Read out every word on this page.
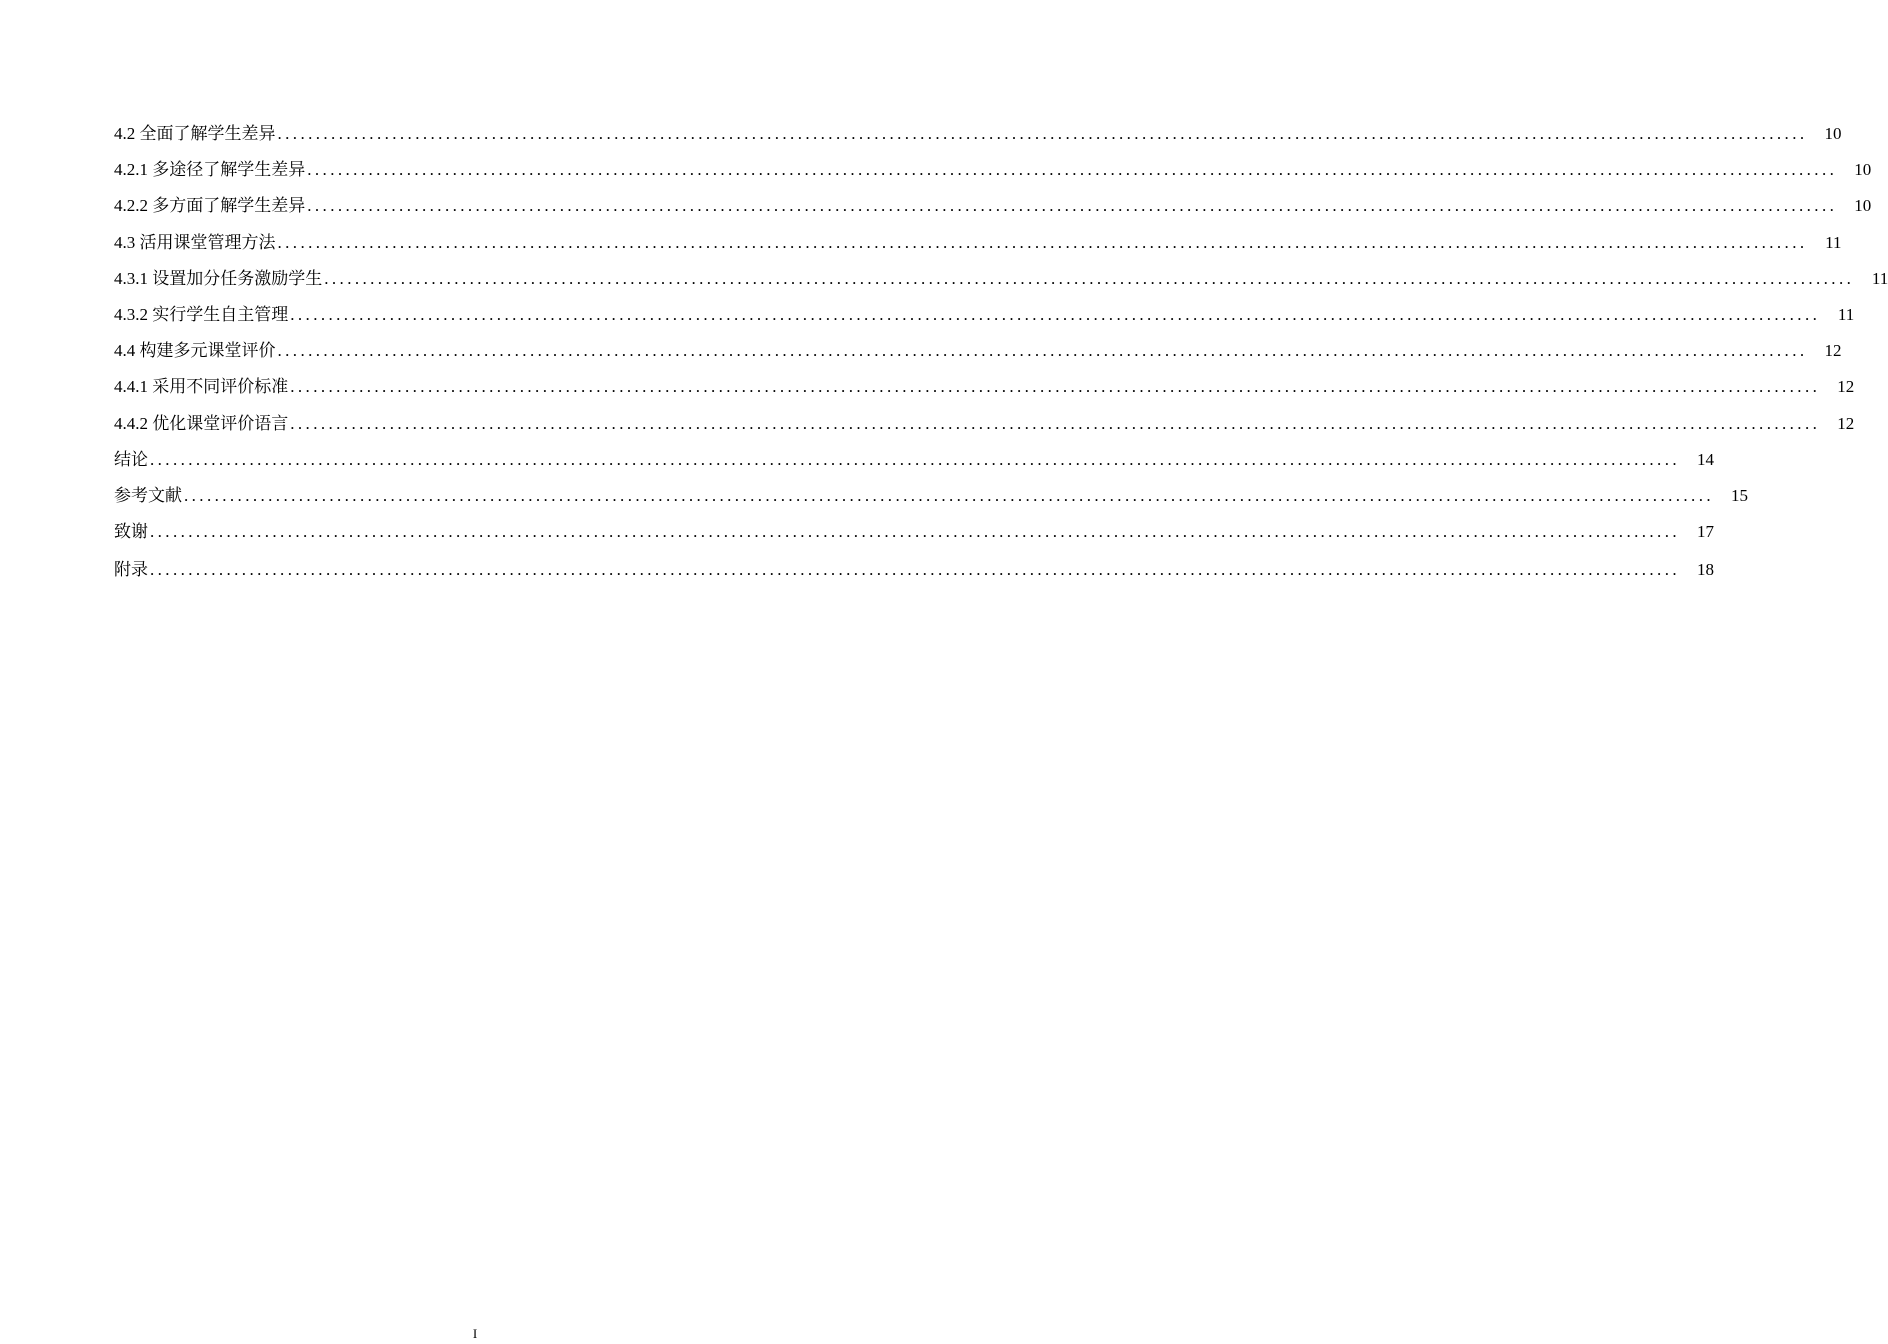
4.2 全面了解学生差异 ........................................................................................................................................................................................................	10
4.2.1 多途径了解学生差异 ........................................................................................................................................................................................................	10
4.2.2 多方面了解学生差异 ........................................................................................................................................................................................................	10
4.3 活用课堂管理方法 ........................................................................................................................................................................................................	11
4.3.1 设置加分任务激励学生 ........................................................................................................................................................................................................	11
4.3.2 实行学生自主管理 ........................................................................................................................................................................................................	11
4.4 构建多元课堂评价 ........................................................................................................................................................................................................	12
4.4.1 采用不同评价标准 ........................................................................................................................................................................................................	12
4.4.2 优化课堂评价语言 ........................................................................................................................................................................................................	12
结论 ........................................................................................................................................................................................................	14
参考文献 ........................................................................................................................................................................................................	15
致谢 ........................................................................................................................................................................................................	17
附录 ........................................................................................................................................................................................................	18
I
